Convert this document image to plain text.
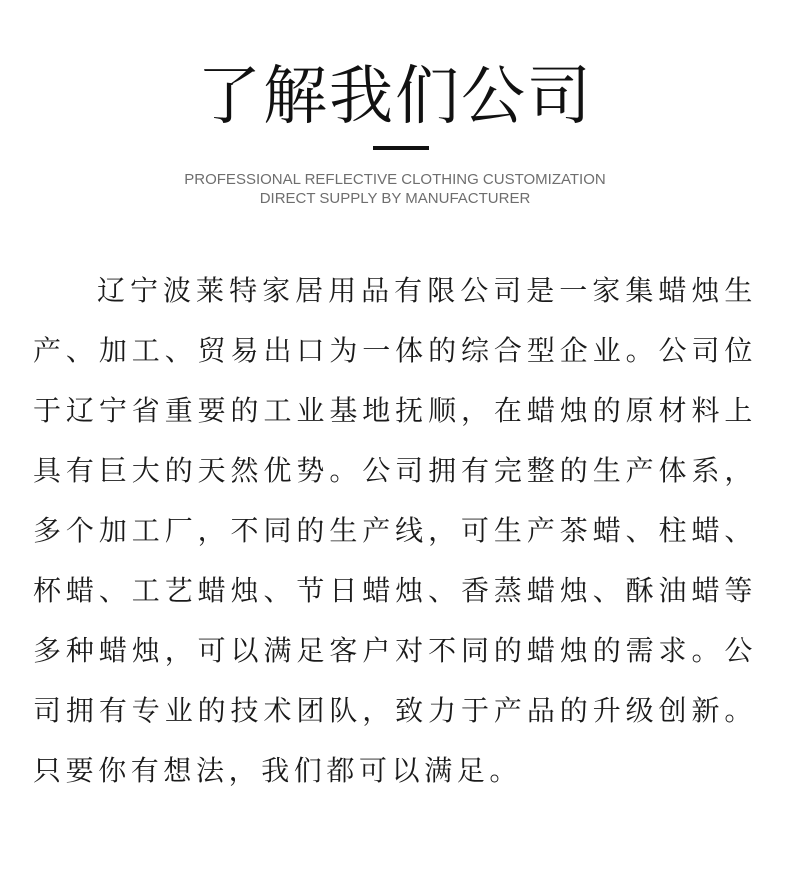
了解我们公司
PROFESSIONAL REFLECTIVE CLOTHING CUSTOMIZATION
DIRECT SUPPLY BY MANUFACTURER

辽宁波莱特家居用品有限公司是一家集蜡烛生产、加工、贸易出口为一体的综合型企业。公司位于辽宁省重要的工业基地抚顺，在蜡烛的原材料上具有巨大的天然优势。公司拥有完整的生产体系，多个加工厂，不同的生产线，可生产茶蜡、柱蜡、杯蜡、工艺蜡烛、节日蜡烛、香蒸蜡烛、酥油蜡等多种蜡烛，可以满足客户对不同的蜡烛的需求。公司拥有专业的技术团队，致力于产品的升级创新。只要你有想法，我们都可以满足。
